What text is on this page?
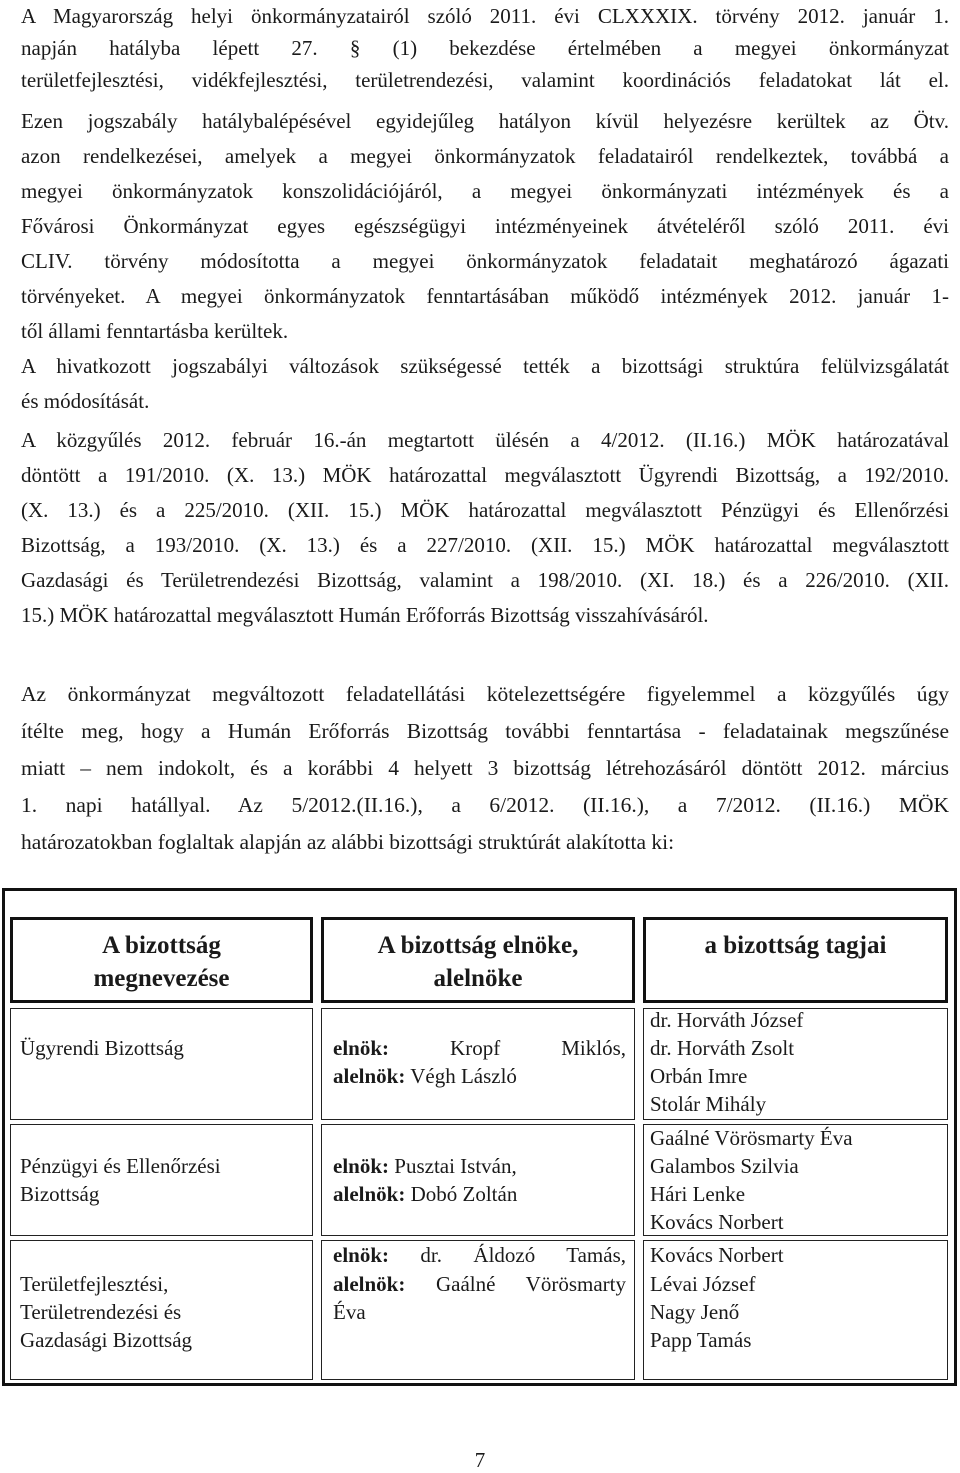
A Magyarország helyi önkormányzatairól szóló 2011. évi CLXXXIX. törvény 2012. január 1.
napján hatályba lépett 27. § (1) bekezdése értelmében a megyei önkormányzat
területfejlesztési, vidékfejlesztési, területrendezési, valamint koordinációs feladatokat lát el.
Ezen jogszabály hatálybalépésével egyidejűleg hatályon kívül helyezésre kerültek az Ötv.
azon rendelkezései, amelyek a megyei önkormányzatok feladatairól rendelkeztek, továbbá a
megyei önkormányzatok konszolidációjáról, a megyei önkormányzati intézmények és a
Fővárosi Önkormányzat egyes egészségügyi intézményeinek átvételéről szóló 2011. évi
CLIV. törvény módosította a megyei önkormányzatok feladatait meghatározó ágazati
törvényeket. A megyei önkormányzatok fenntartásában működő intézmények 2012. január 1-
től állami fenntartásba kerültek.
A hivatkozott jogszabályi változások szükségessé tették a bizottsági struktúra felülvizsgálatát
és módosítását.
A közgyűlés 2012. február 16.-án megtartott ülésén a 4/2012. (II.16.) MÖK határozatával
döntött a 191/2010. (X. 13.) MÖK határozattal megválasztott Ügyrendi Bizottság, a 192/2010.
(X. 13.) és a 225/2010. (XII. 15.) MÖK határozattal megválasztott Pénzügyi és Ellenőrzési
Bizottság, a 193/2010. (X. 13.) és a 227/2010. (XII. 15.) MÖK határozattal megválasztott
Gazdasági és Területrendezési Bizottság, valamint a 198/2010. (XI. 18.) és a 226/2010. (XII.
15.) MÖK határozattal megválasztott Humán Erőforrás Bizottság visszahívásáról.
Az önkormányzat megváltozott feladatellátási kötelezettségére figyelemmel a közgyűlés úgy
ítélte meg, hogy a Humán Erőforrás Bizottság további fenntartása - feladatainak megszűnése
miatt – nem indokolt, és a korábbi 4 helyett 3 bizottság létrehozásáról döntött 2012. március
1. napi hatállyal. Az 5/2012.(II.16.), a 6/2012. (II.16.), a 7/2012. (II.16.) MÖK
határozatokban foglaltak alapján az alábbi bizottsági struktúrát alakította ki:
A bizottság
megnevezése
A bizottság elnöke,
alelnöke
a bizottság tagjai
Ügyrendi Bizottság	elnök:	Kropf Miklós,
alelnök: Végh László
dr. Horváth József
dr. Horváth Zsolt
Orbán Imre
Stolár Mihály
Pénzügyi és Ellenőrzési
Bizottság
elnök: Pusztai István,
alelnök: Dobó Zoltán
Gaálné Vörösmarty Éva
Galambos Szilvia
Hári Lenke
Kovács Norbert
Területfejlesztési,
Területrendezési és
Gazdasági Bizottság
elnök: dr. Áldozó Tamás,
alelnök: Gaálné Vörösmarty
Éva
Kovács Norbert
Lévai József
Nagy Jenő
Papp Tamás
7
